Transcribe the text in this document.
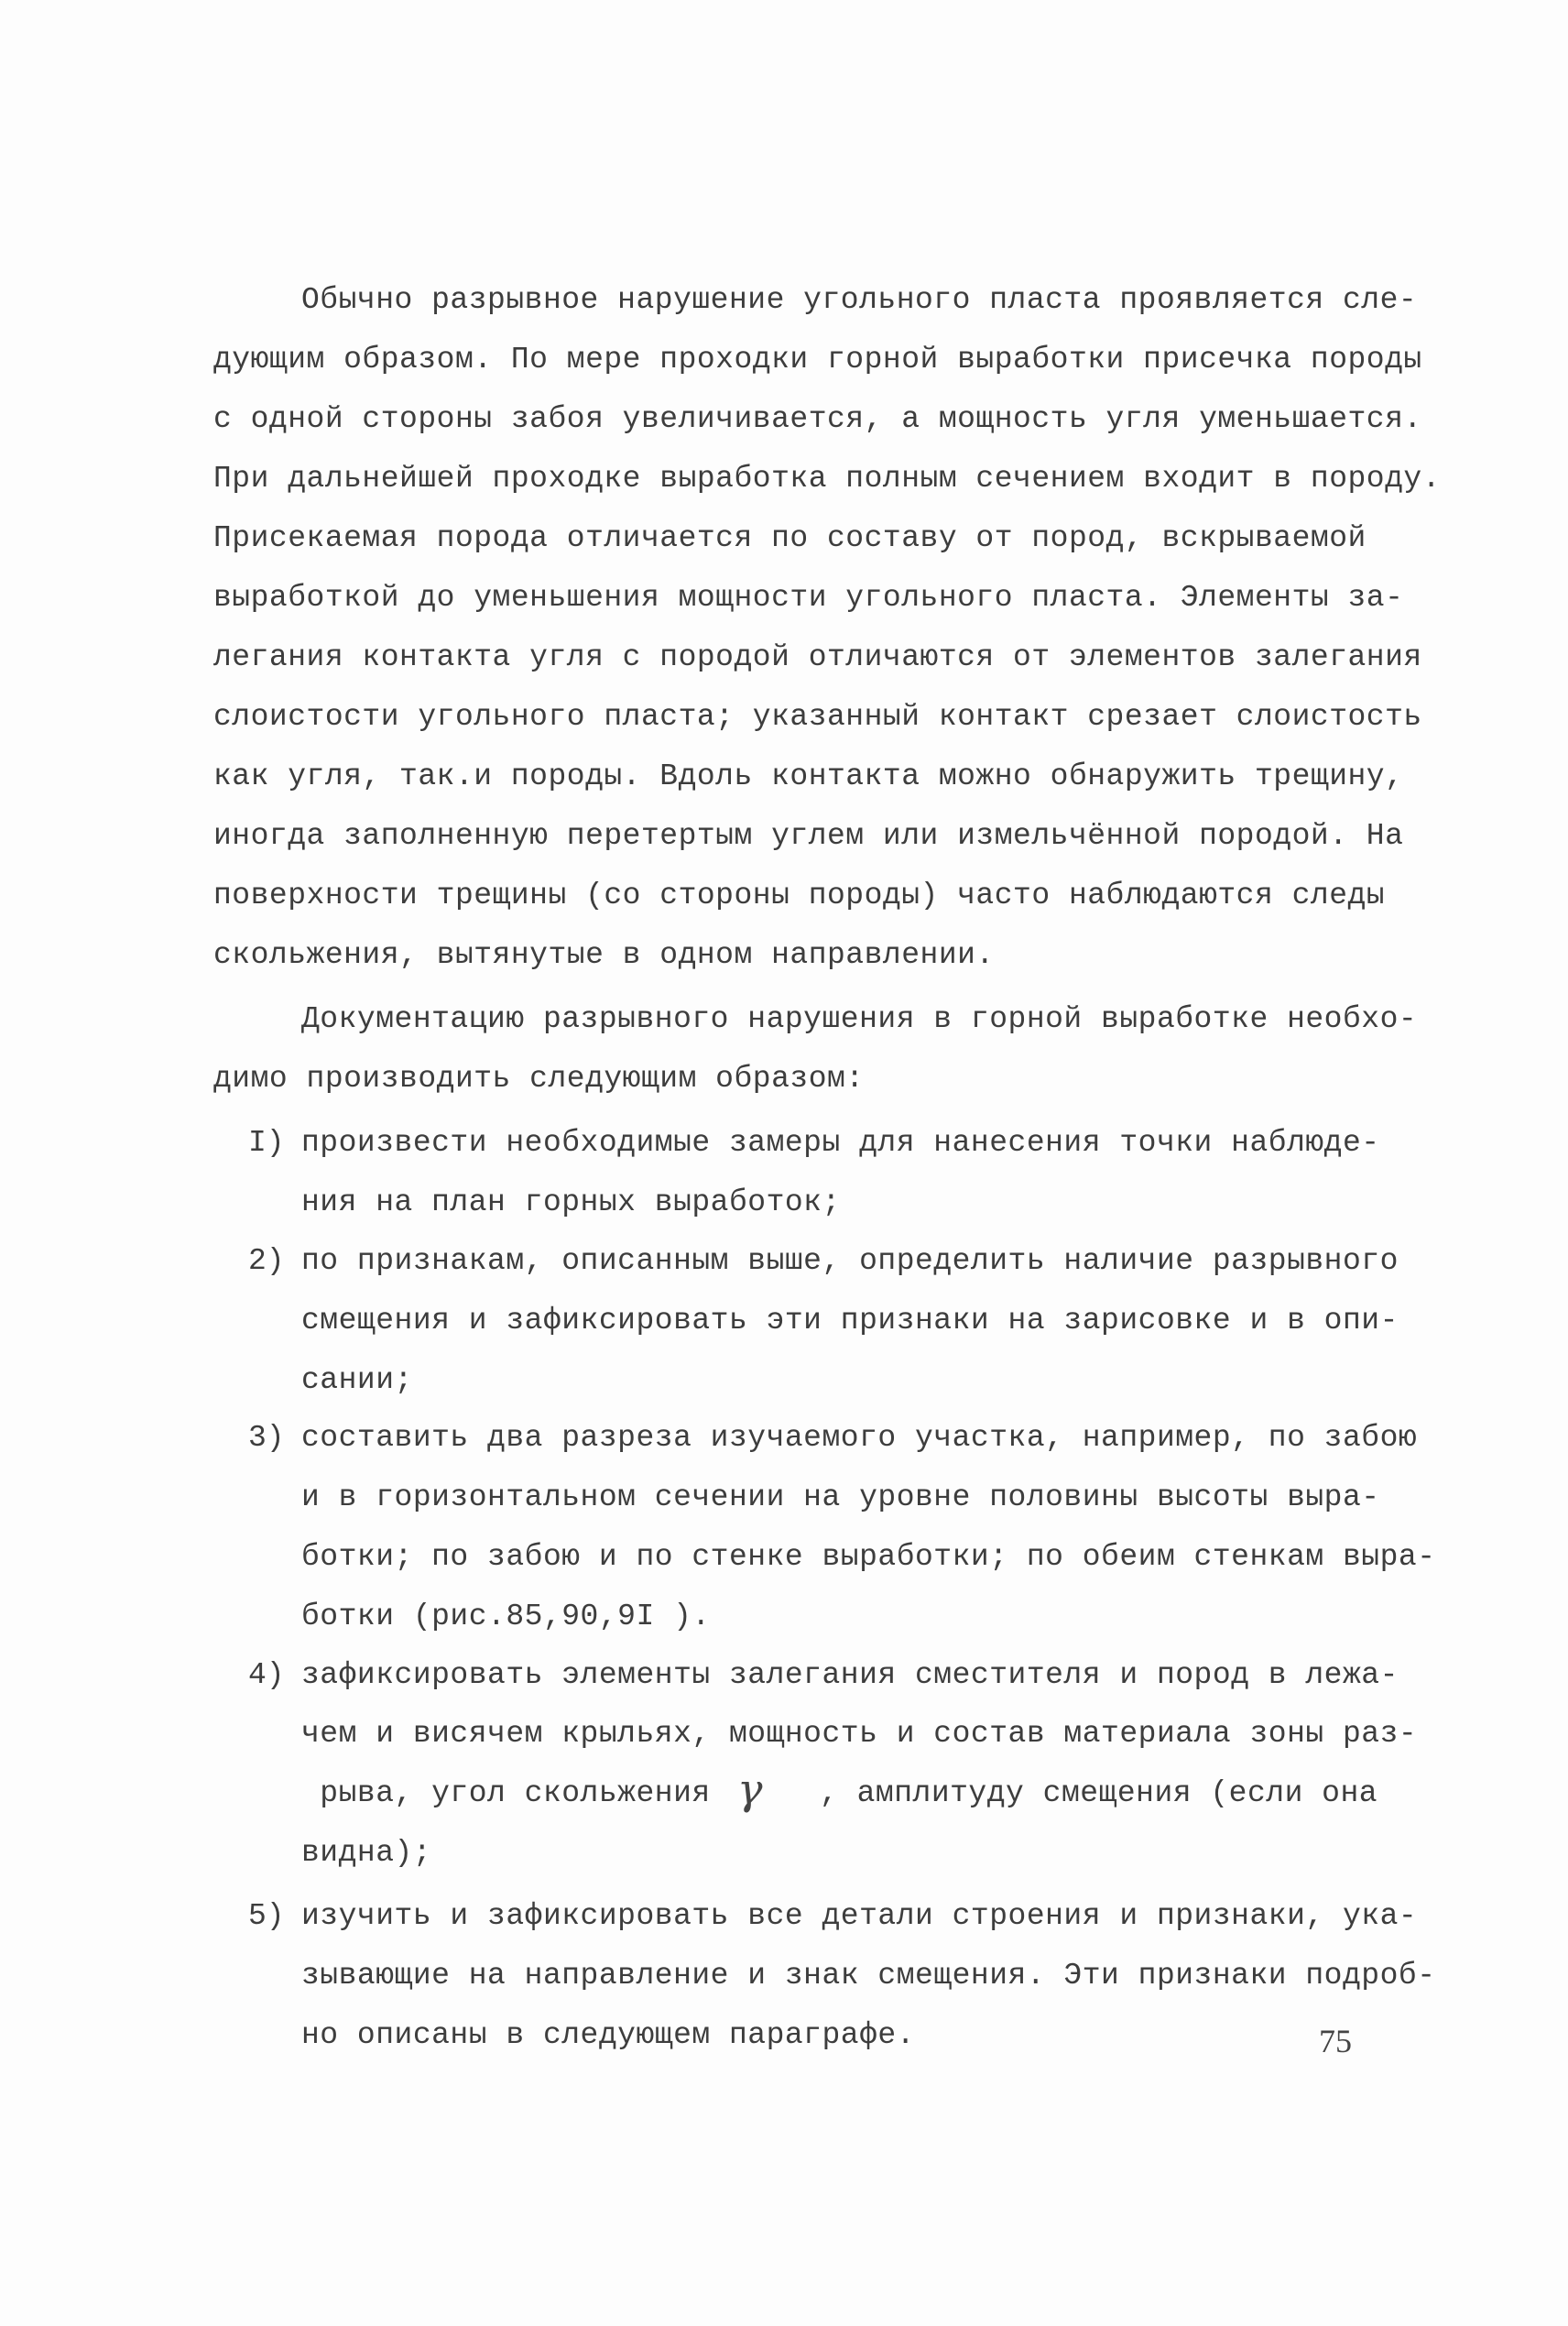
Обычно разрывное нарушение угольного пласта проявляется сле-
дующим образом. По мере проходки горной выработки присечка породы
с одной стороны забоя увеличивается, а мощность угля уменьшается.
При дальнейшей проходке выработка полным сечением входит в породу.
Присекаемая порода отличается по составу от пород, вскрываемой
выработкой до уменьшения мощности угольного пласта. Элементы за-
легания контакта угля с породой отличаются от элементов залегания
слоистости угольного пласта; указанный контакт срезает слоистость
как угля, так.и породы. Вдоль контакта можно обнаружить трещину,
иногда заполненную перетертым углем или измельчённой породой. На
поверхности трещины (со стороны породы) часто наблюдаются следы
скольжения, вытянутые в одном направлении.
Документацию разрывного нарушения в горной выработке необхо-
димо производить следующим образом:
I) произвести необходимые замеры для нанесения точки наблюде-
ния на план горных выработок;
2) по признакам, описанным выше, определить наличие разрывного
смещения и зафиксировать эти признаки на зарисовке и в опи-
сании;
3) составить два разреза изучаемого участка, например, по забою
и в горизонтальном сечении на уровне половины высоты выра-
ботки; по забою и по стенке выработки; по обеим стенкам выра-
ботки (рис.85,90,9I ).
4) зафиксировать элементы залегания сместителя и пород в лежа-
чем и висячем крыльях, мощность и состав материала зоны раз-
рыва, угол скольжения γ , амплитуду смещения (если она
видна);
5) изучить и зафиксировать все детали строения и признаки, ука-
зывающие на направление и знак смещения. Эти признаки подроб-
но описаны в следующем параграфе.	75
